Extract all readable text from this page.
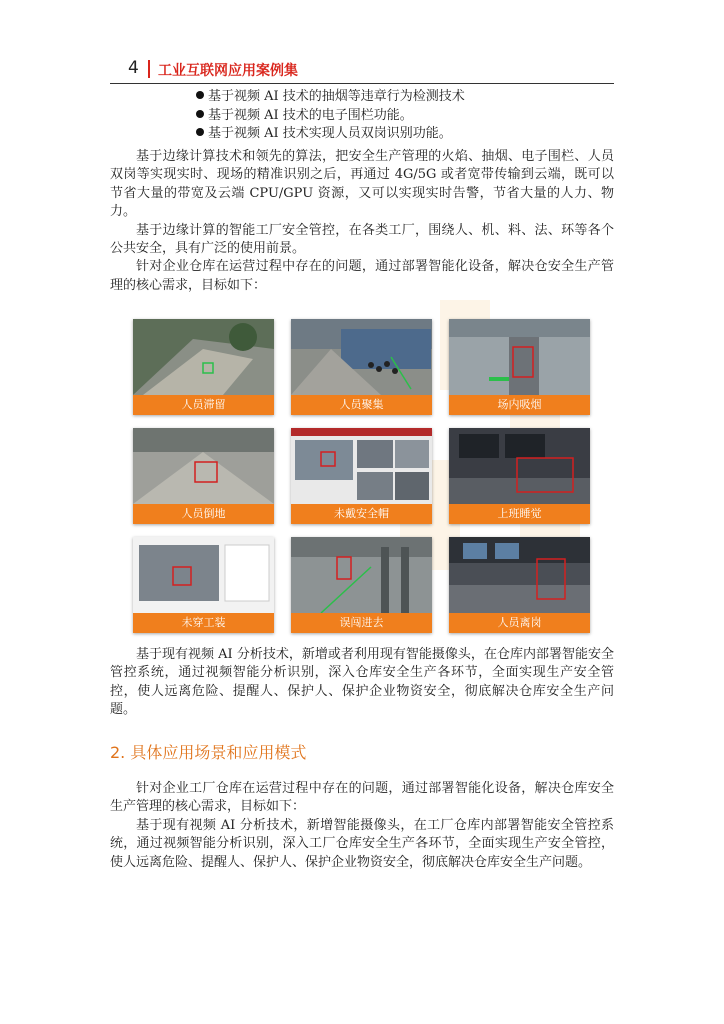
4 工业互联网应用案例集
基于视频 AI 技术的抽烟等违章行为检测技术
基于视频 AI 技术的电子围栏功能。
基于视频 AI 技术实现人员双岗识别功能。

基于边缘计算技术和领先的算法，把安全生产管理的火焰、抽烟、电子围栏、人员双岗等实现实时、现场的精准识别之后，再通过 4G/5G 或者宽带传输到云端，既可以节省大量的带宽及云端 CPU/GPU 资源，又可以实现实时告警，节省大量的人力、物力。

基于边缘计算的智能工厂安全管控，在各类工厂，围绕人、机、料、法、环等各个公共安全，具有广泛的使用前景。

针对企业仓库在运营过程中存在的问题，通过部署智能化设备，解决仓安全生产管理的核心需求，目标如下：

人员滞留	人员聚集	场内吸烟
人员倒地	未戴安全帽	上班睡觉
未穿工装	误闯进去	人员离岗

基于现有视频 AI 分析技术，新增或者利用现有智能摄像头，在仓库内部署智能安全管控系统，通过视频智能分析识别，深入仓库安全生产各环节，全面实现生产安全管控，使人远离危险、提醒人、保护人、保护企业物资安全，彻底解决仓库安全生产问题。

2. 具体应用场景和应用模式

针对企业工厂仓库在运营过程中存在的问题，通过部署智能化设备，解决仓库安全生产管理的核心需求，目标如下：

基于现有视频 AI 分析技术，新增智能摄像头，在工厂仓库内部署智能安全管控系统，通过视频智能分析识别，深入工厂仓库安全生产各环节，全面实现生产安全管控，使人远离危险、提醒人、保护人、保护企业物资安全，彻底解决仓库安全生产问题。
